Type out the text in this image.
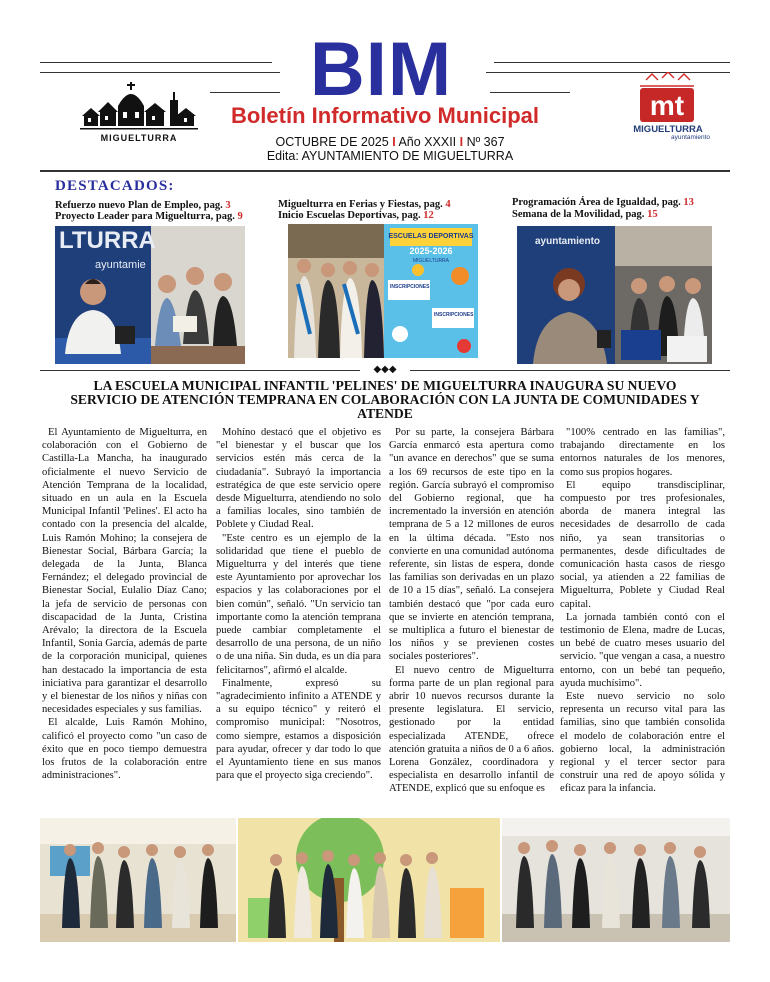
BIM
Boletín Informativo Municipal
OCTUBRE DE 2025 I Año XXXII I Nº 367
Edita: AYUNTAMIENTO DE MIGUELTURRA
MIGUELTURRA
mt
MIGUELTURRA
ayuntamiento
DESTACADOS:
Refuerzo nuevo Plan de Empleo, pag. 3
Proyecto Leader para Miguelturra, pag. 9
Miguelturra en Ferias y Fiestas, pag. 4
Inicio Escuelas Deportivas, pag. 12
Programación Área de Igualdad, pag. 13
Semana de la Movilidad, pag. 15
LTURRA
ayuntamie
ESCUELAS DEPORTIVAS
2025-2026
MIGUELTURRA
INSCRIPCIONES
INSCRIPCIONES
ayuntamiento
◆◆◆
LA ESCUELA MUNICIPAL INFANTIL 'PELINES' DE MIGUELTURRA INAUGURA SU NUEVO SERVICIO DE ATENCIÓN TEMPRANA EN COLABORACIÓN CON LA JUNTA DE COMUNIDADES Y ATENDE

El Ayuntamiento de Miguelturra, en colaboración con el Gobierno de Castilla-La Mancha, ha inaugurado oficialmente el nuevo Servicio de Atención Temprana de la localidad, situado en un aula en la Escuela Municipal Infantil 'Pelines'. El acto ha contado con la presencia del alcalde, Luis Ramón Mohino; la consejera de Bienestar Social, Bárbara García; la delegada de la Junta, Blanca Fernández; el delegado provincial de Bienestar Social, Eulalio Díaz Cano; la jefa de servicio de personas con discapacidad de la Junta, Cristina Arévalo; la directora de la Escuela Infantil, Sonia García, además de parte de la corporación municipal, quienes han destacado la importancia de esta iniciativa para garantizar el desarrollo y el bienestar de los niños y niñas con necesidades especiales y sus familias.

El alcalde, Luis Ramón Mohino, calificó el proyecto como "un caso de éxito que en poco tiempo demuestra los frutos de la colaboración entre administraciones".

Mohíno destacó que el objetivo es "el bienestar y el buscar que los servicios estén más cerca de la ciudadanía". Subrayó la importancia estratégica de que este servicio opere desde Miguelturra, atendiendo no solo a familias locales, sino también de Poblete y Ciudad Real.

"Este centro es un ejemplo de la solidaridad que tiene el pueblo de Miguelturra y del interés que tiene este Ayuntamiento por aprovechar los espacios y las colaboraciones por el bien común", señaló. "Un servicio tan importante como la atención temprana puede cambiar completamente el desarrollo de una persona, de un niño o de una niña. Sin duda, es un día para felicitarnos", afirmó el alcalde.

Finalmente, expresó su "agradecimiento infinito a ATENDE y a su equipo técnico" y reiteró el compromiso municipal: "Nosotros, como siempre, estamos a disposición para ayudar, ofrecer y dar todo lo que el Ayuntamiento tiene en sus manos para que el proyecto siga creciendo".

Por su parte, la consejera Bárbara García enmarcó esta apertura como "un avance en derechos" que se suma a los 69 recursos de este tipo en la región. García subrayó el compromiso del Gobierno regional, que ha incrementado la inversión en atención temprana de 5 a 12 millones de euros en la última década. "Esto nos convierte en una comunidad autónoma referente, sin listas de espera, donde las familias son derivadas en un plazo de 10 a 15 días", señaló. La consejera también destacó que "por cada euro que se invierte en atención temprana, se multiplica a futuro el bienestar de los niños y se previenen costes sociales posteriores".

El nuevo centro de Miguelturra forma parte de un plan regional para abrir 10 nuevos recursos durante la presente legislatura. El servicio, gestionado por la entidad especializada ATENDE, ofrece atención gratuita a niños de 0 a 6 años. Lorena González, coordinadora y especialista en desarrollo infantil de ATENDE, explicó que su enfoque es

"100% centrado en las familias", trabajando directamente en los entornos naturales de los menores, como sus propios hogares.

El equipo transdisciplinar, compuesto por tres profesionales, aborda de manera integral las necesidades de desarrollo de cada niño, ya sean transitorias o permanentes, desde dificultades de comunicación hasta casos de riesgo social, ya atienden a 22 familias de Miguelturra, Poblete y Ciudad Real capital.

La jornada también contó con el testimonio de Elena, madre de Lucas, un bebé de cuatro meses usuario del servicio. "que vengan a casa, a nuestro entorno, con un bebé tan pequeño, ayuda muchísimo".

Este nuevo servicio no solo representa un recurso vital para las familias, sino que también consolida el modelo de colaboración entre el gobierno local, la administración regional y el tercer sector para construir una red de apoyo sólida y eficaz para la infancia.
